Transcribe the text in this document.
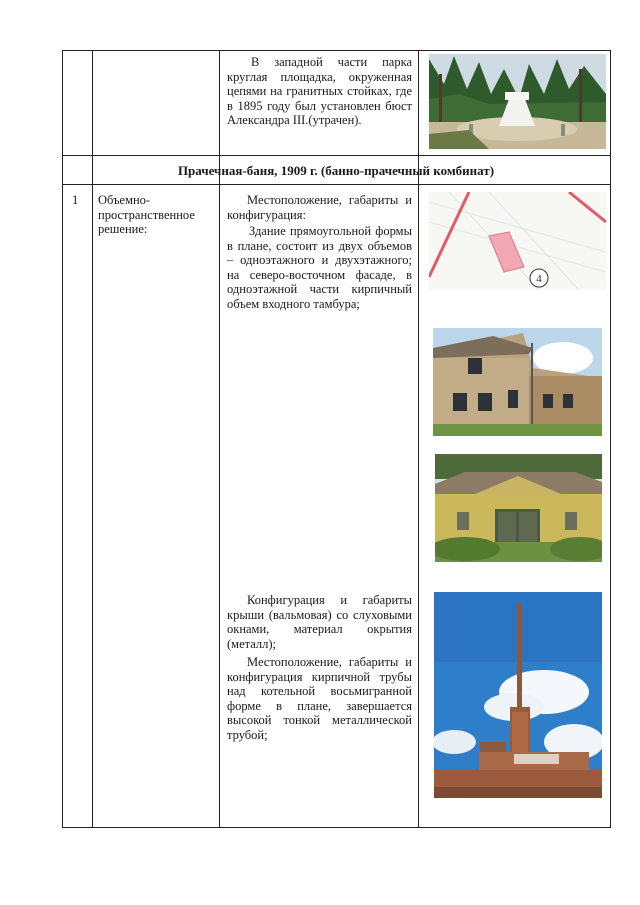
В западной части парка круглая площадка, окруженная цепями на гранитных стойках, где в 1895 году был установлен бюст Александра III.(утрачен).
Прачечная-баня, 1909 г. (банно-прачечный комбинат)
1 Объемно-пространственное решение:
Местоположение, габариты и конфигурация:
Здание прямоугольной формы в плане, состоит из двух объемов – одноэтажного и двухэтажного; на северо-восточном фасаде, в одноэтажной части кирпичный объем входного тамбура;
Конфигурация и габариты крыши (вальмовая) со слуховыми окнами, материал окрытия (металл);
Местоположение, габариты и конфигурация кирпичной трубы над котельной восьмигранной форме в плане, завершается высокой тонкой металлической трубой;
4
